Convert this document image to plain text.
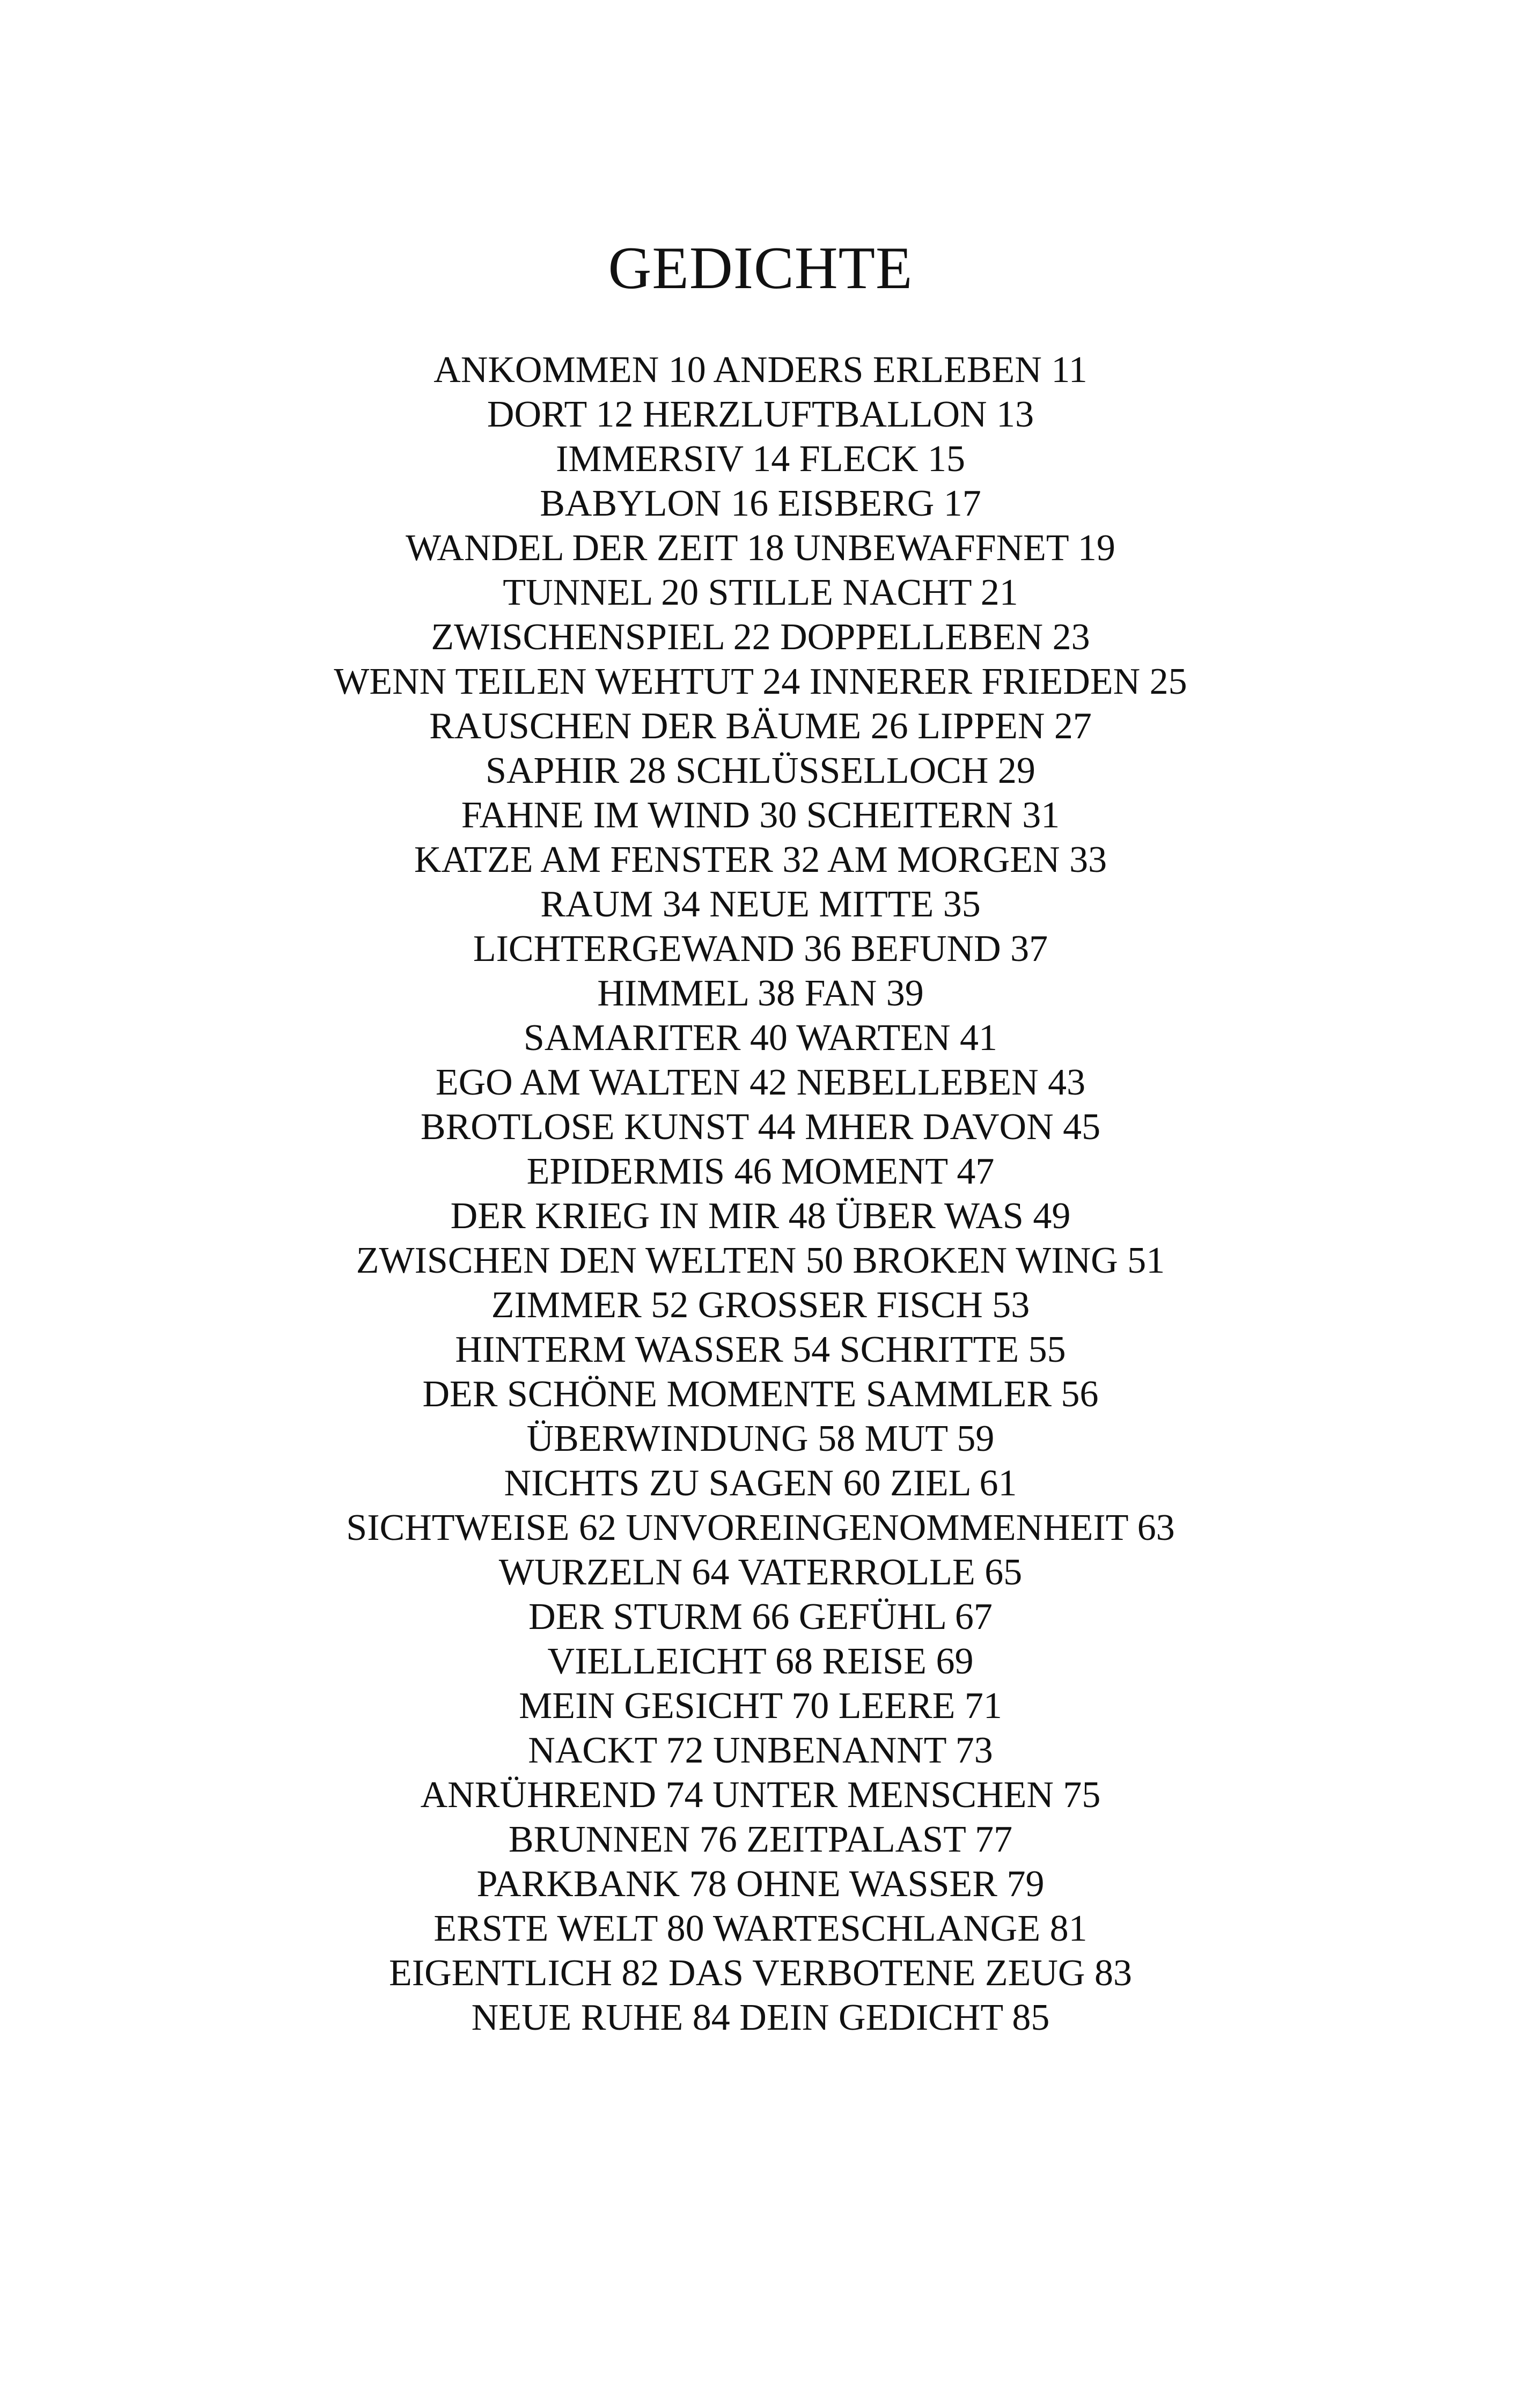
GEDICHTE
ANKOMMEN 10 ANDERS ERLEBEN 11
DORT 12 HERZLUFTBALLON 13
IMMERSIV 14 FLECK 15
BABYLON 16 EISBERG 17
WANDEL DER ZEIT 18 UNBEWAFFNET 19
TUNNEL 20 STILLE NACHT 21
ZWISCHENSPIEL 22 DOPPELLEBEN 23
WENN TEILEN WEHTUT 24 INNERER FRIEDEN 25
RAUSCHEN DER BÄUME 26 LIPPEN 27
SAPHIR 28 SCHLÜSSELLOCH 29
FAHNE IM WIND 30 SCHEITERN 31
KATZE AM FENSTER 32 AM MORGEN 33
RAUM 34 NEUE MITTE 35
LICHTERGEWAND 36 BEFUND 37
HIMMEL 38 FAN 39
SAMARITER 40 WARTEN 41
EGO AM WALTEN 42 NEBELLEBEN 43
BROTLOSE KUNST 44 MHER DAVON 45
EPIDERMIS 46 MOMENT 47
DER KRIEG IN MIR 48 ÜBER WAS 49
ZWISCHEN DEN WELTEN 50 BROKEN WING 51
ZIMMER 52 GROSSER FISCH 53
HINTERM WASSER 54 SCHRITTE 55
DER SCHÖNE MOMENTE SAMMLER 56
ÜBERWINDUNG 58 MUT 59
NICHTS ZU SAGEN 60 ZIEL 61
SICHTWEISE 62 UNVOREINGENOMMENHEIT 63
WURZELN 64 VATERROLLE 65
DER STURM 66 GEFÜHL 67
VIELLEICHT 68 REISE 69
MEIN GESICHT 70 LEERE 71
NACKT 72 UNBENANNT 73
ANRÜHREND 74 UNTER MENSCHEN 75
BRUNNEN 76 ZEITPALAST 77
PARKBANK 78 OHNE WASSER 79
ERSTE WELT 80 WARTESCHLANGE 81
EIGENTLICH 82 DAS VERBOTENE ZEUG 83
NEUE RUHE 84 DEIN GEDICHT 85
